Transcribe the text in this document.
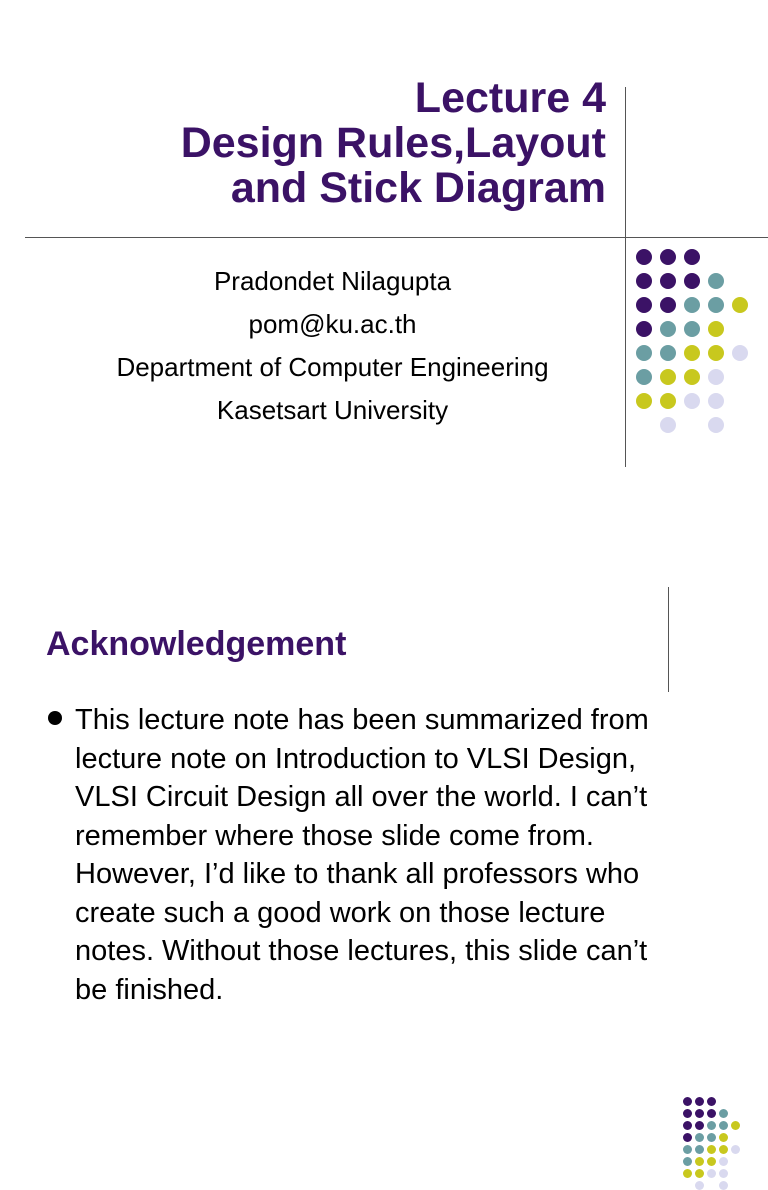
Lecture 4
Design Rules,Layout
and Stick Diagram
Pradondet Nilagupta
pom@ku.ac.th
Department of Computer Engineering
Kasetsart University
Acknowledgement
This lecture note has been summarized from
lecture note on Introduction to VLSI Design,
VLSI Circuit Design all over the world. I can’t
remember where those slide come from.
However, I’d like to thank all professors who
create such a good work on those lecture
notes. Without those lectures, this slide can’t
be finished.
